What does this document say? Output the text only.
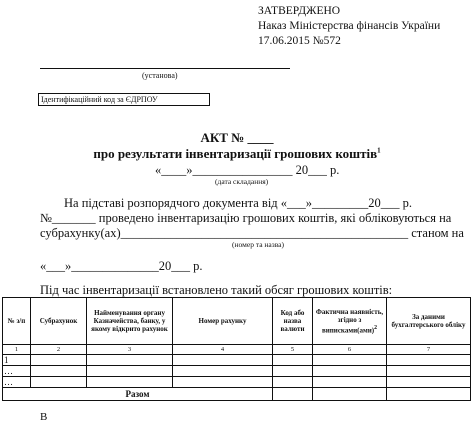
ЗАТВЕРДЖЕНО
Наказ Міністерства фінансів України
17.06.2015 №572
(установа)
Ідентифікаційний код за ЄДРПОУ
АКТ № ____
про результати інвентаризації грошових коштів$^1$
«____»________________ 20___ р.
(дата складання)
На підставі розпорядчого документа від «___»_________20___ р.
№_______ проведено інвентаризацію грошових коштів, які обліковуються на
субрахунку(ах)______________________________________________ станом на
(номер та назва)
«___»______________20___ р.
Під час інвентаризації встановлено такий обсяг грошових коштів:
№ з/п	Субрахунок	Найменування органу Казначейства, банку, у якому відкрито рахунок	Номер рахунку	Код або назва валюти	Фактична наявність, згідно з виписками(ами)$^2$	За даними бухгалтерського обліку
1	2	3	4	5	6	7
1						
…						
…						
Разом						
В
